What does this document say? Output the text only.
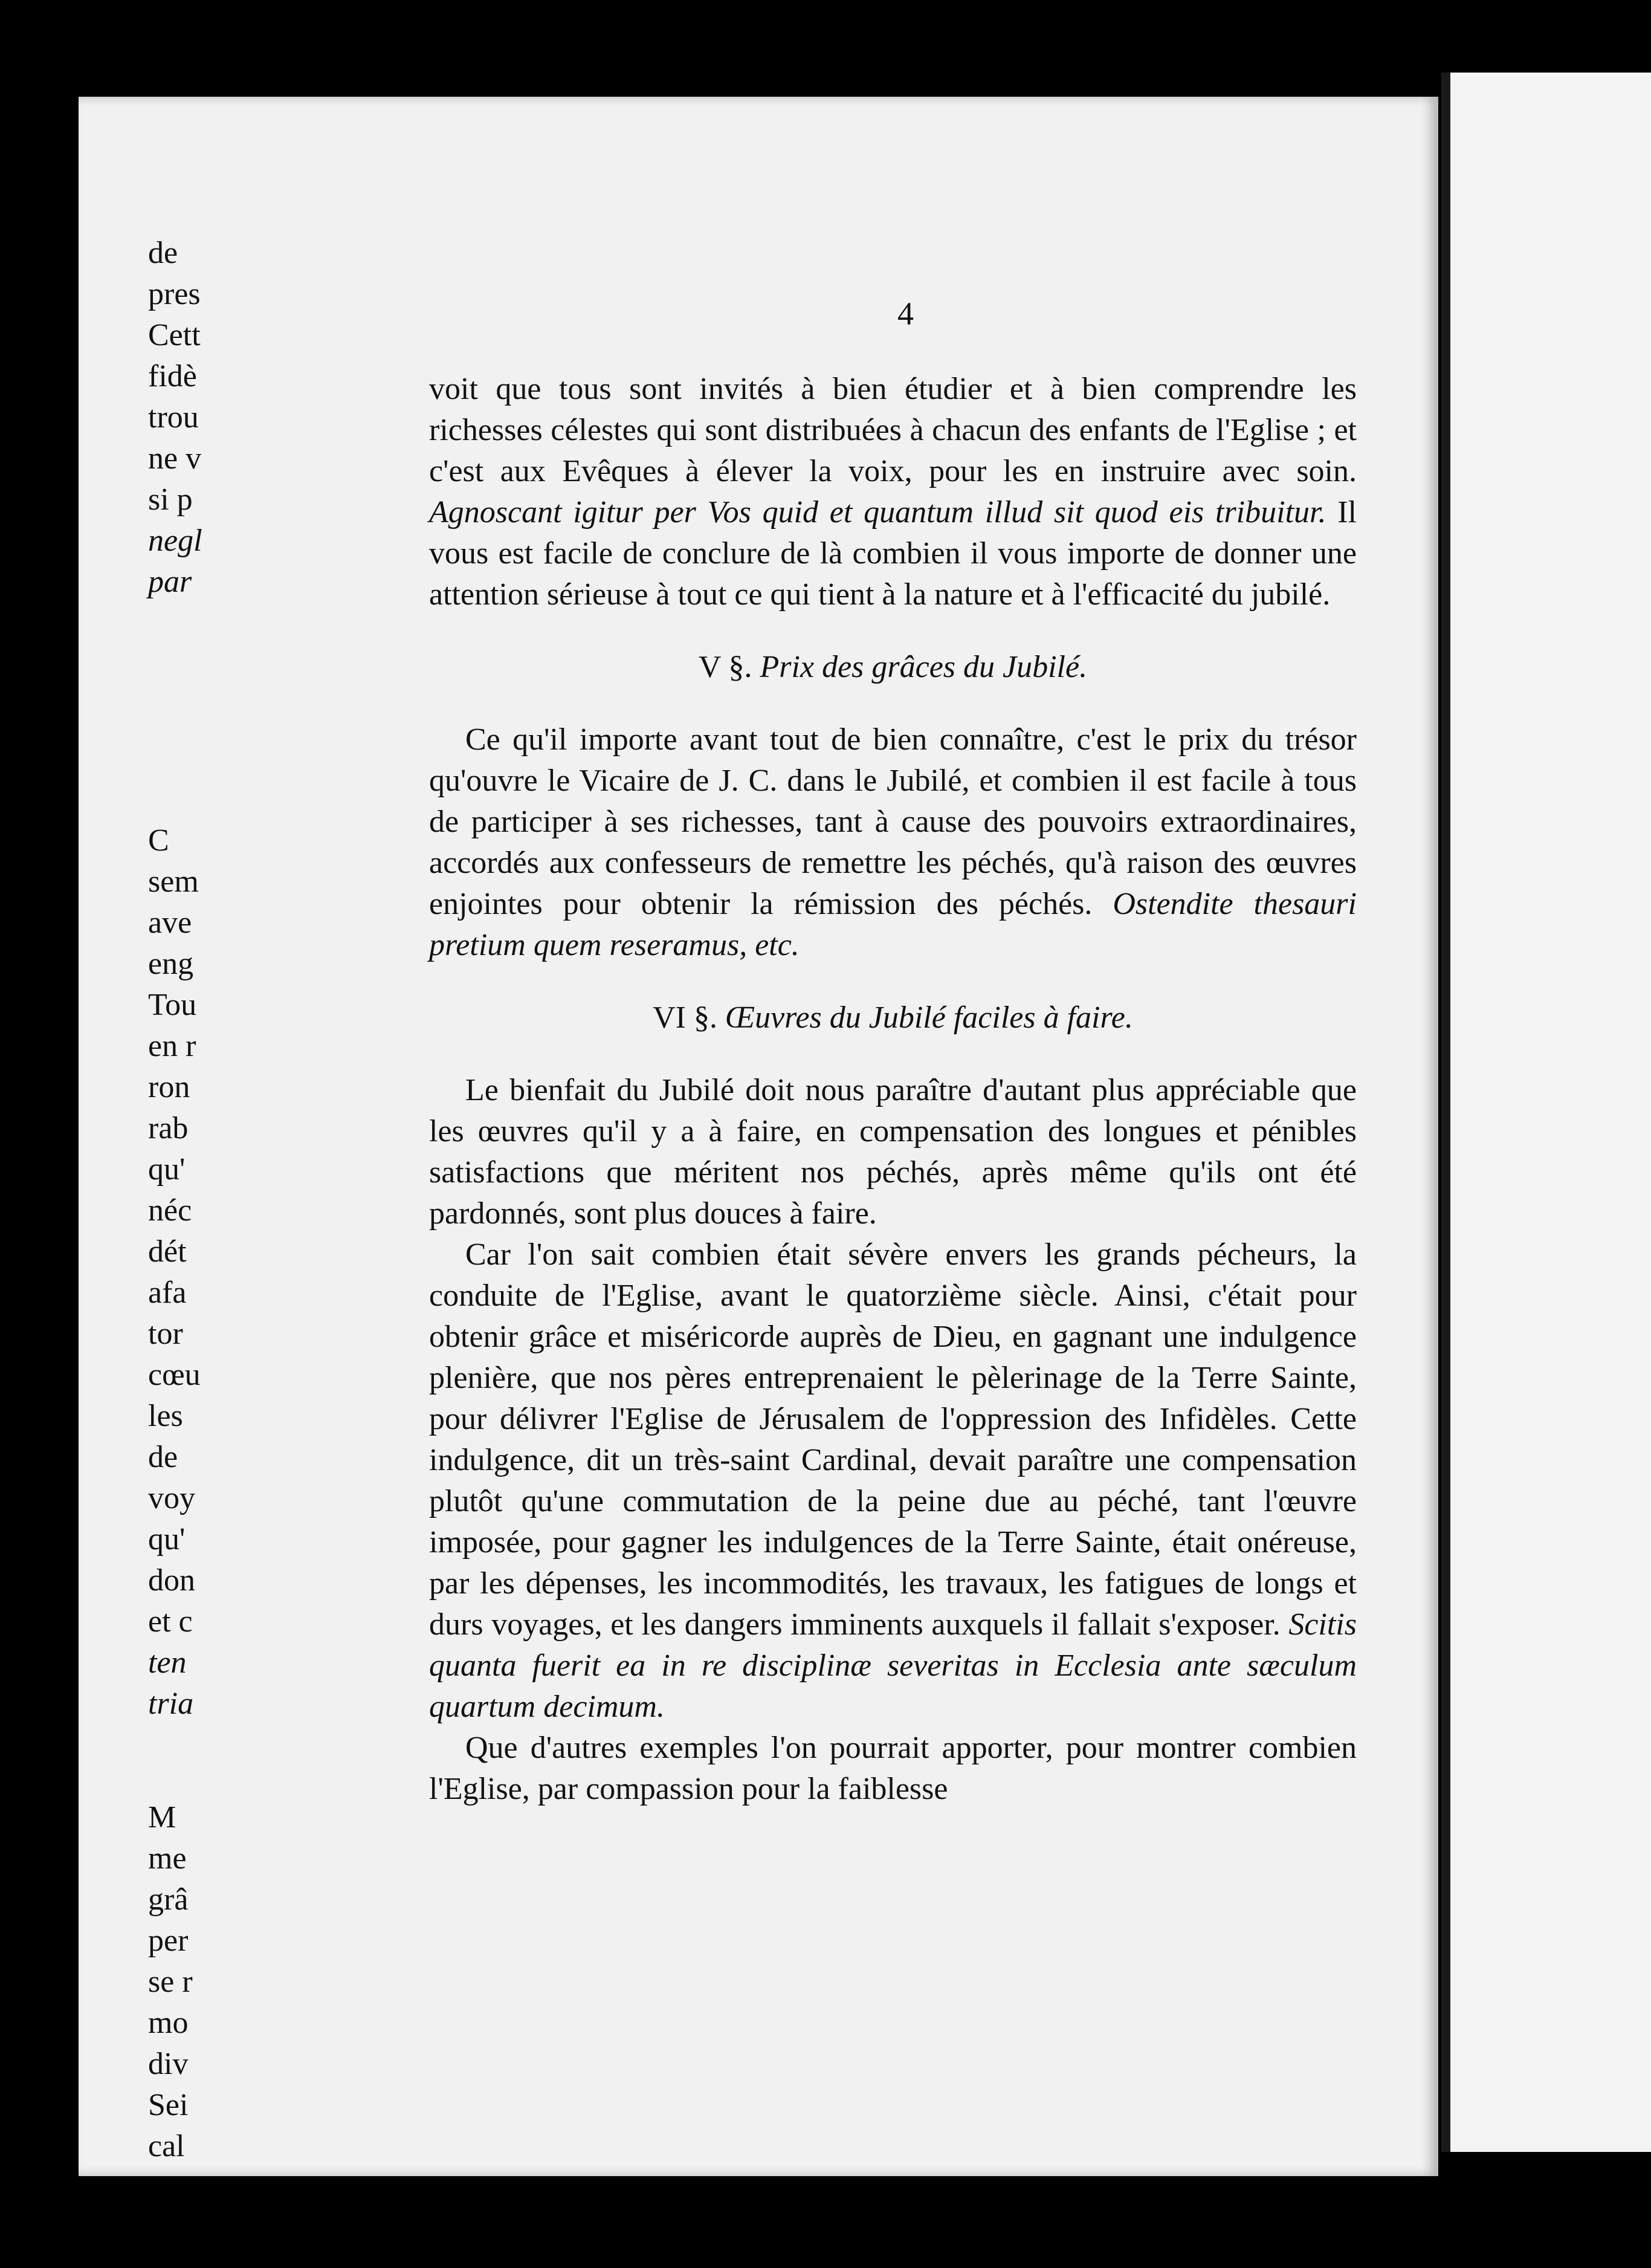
4

voit que tous sont invités à bien étudier et à bien comprendre les richesses célestes qui sont distribuées à chacun des enfants de l'Eglise ; et c'est aux Evêques à élever la voix, pour les en instruire avec soin. Agnoscant igitur per Vos quid et quantum illud sit quod eis tribuitur. Il vous est facile de conclure de là combien il vous importe de donner une attention sérieuse à tout ce qui tient à la nature et à l'efficacité du jubilé.

V §. Prix des grâces du Jubilé.

Ce qu'il importe avant tout de bien connaître, c'est le prix du trésor qu'ouvre le Vicaire de J. C. dans le Jubilé, et combien il est facile à tous de participer à ses richesses, tant à cause des pouvoirs extraordinaires, accordés aux confesseurs de remettre les péchés, qu'à raison des œuvres enjointes pour obtenir la rémission des péchés. Ostendite thesauri pretium quem reseramus, etc.

VI §. Œuvres du Jubilé faciles à faire.

Le bienfait du Jubilé doit nous paraître d'autant plus appréciable que les œuvres qu'il y a à faire, en compensation des longues et pénibles satisfactions que méritent nos péchés, après même qu'ils ont été pardonnés, sont plus douces à faire.

Car l'on sait combien était sévère envers les grands pécheurs, la conduite de l'Eglise, avant le quatorzième siècle. Ainsi, c'était pour obtenir grâce et miséricorde auprès de Dieu, en gagnant une indulgence plenière, que nos pères entreprenaient le pèlerinage de la Terre Sainte, pour délivrer l'Eglise de Jérusalem de l'oppression des Infidèles. Cette indulgence, dit un très-saint Cardinal, devait paraître une compensation plutôt qu'une commutation de la peine due au péché, tant l'œuvre imposée, pour gagner les indulgences de la Terre Sainte, était onéreuse, par les dépenses, les incommodités, les travaux, les fatigues de longs et durs voyages, et les dangers imminents auxquels il fallait s'exposer. Scitis quanta fuerit ea in re disciplinæ severitas in Ecclesia ante sæculum quartum decimum.

Que d'autres exemples l'on pourrait apporter, pour montrer combien l'Eglise, par compassion pour la faiblesse

de
pres
Cett
fidè
trou
ne v
si p
negl
par
C
sem
ave
eng
Tou
en r
ron
rab
qu'
néc
dét
afa
tor
cœu
les
de
voy
qu'
don
et c
ten
tria
M
me
grâ
per
se r
mo
div
Sei
cal
